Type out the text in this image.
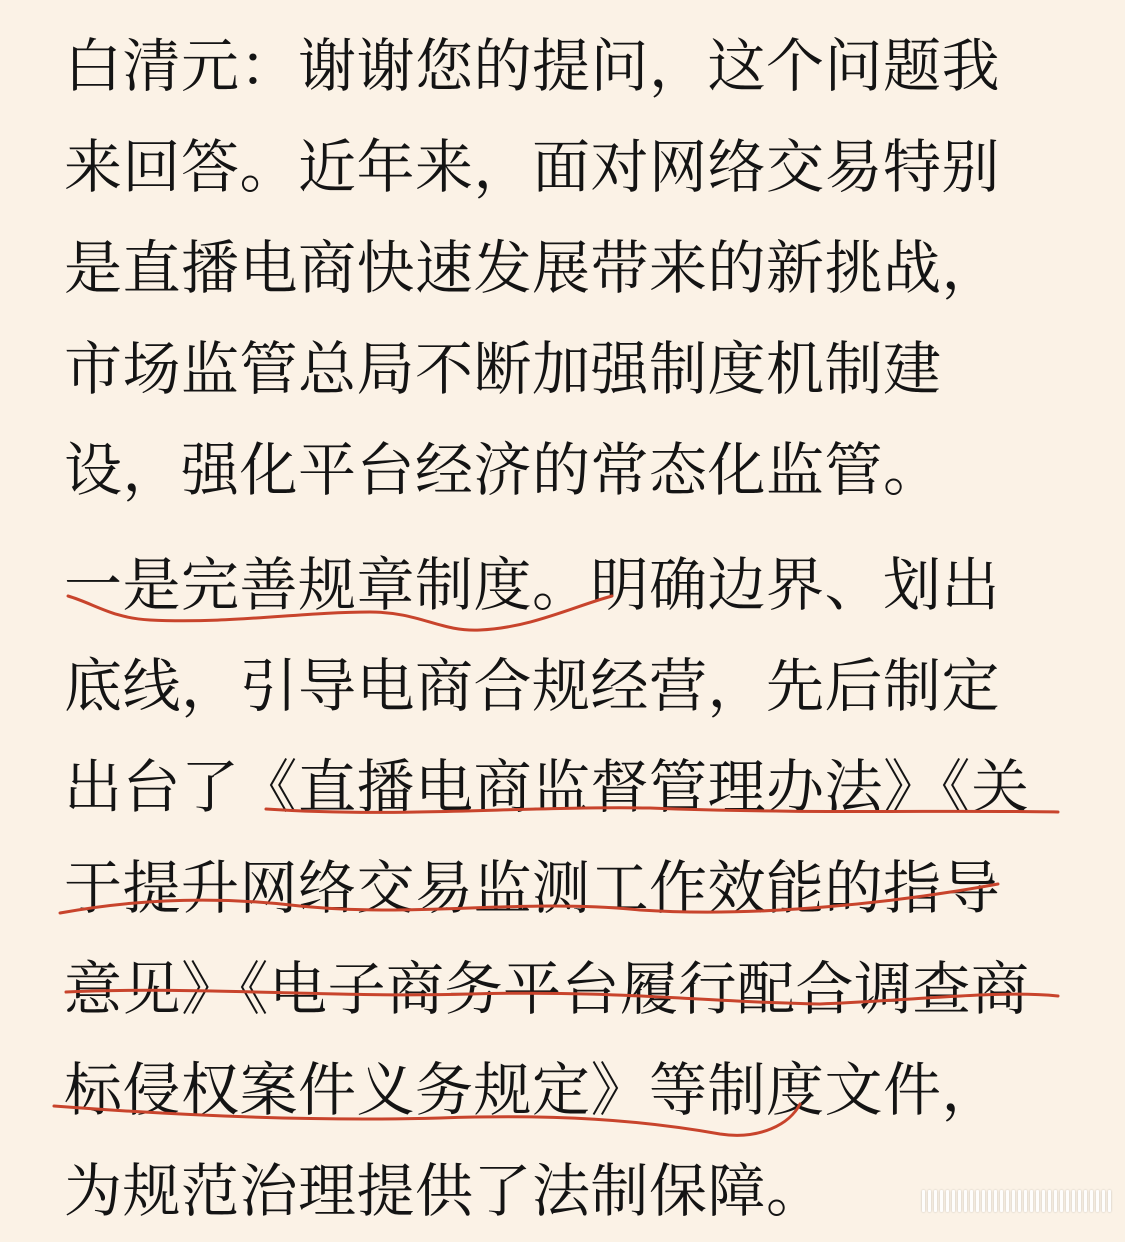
白清元：谢谢您的提问，这个问题我
来回答。近年来，面对网络交易特别
是直播电商快速发展带来的新挑战，
市场监管总局不断加强制度机制建
设，强化平台经济的常态化监管。
一是完善规章制度。明确边界、划出
底线，引导电商合规经营，先后制定
出台了《直播电商监督管理办法》《关
于提升网络交易监测工作效能的指导
意见》《电子商务平台履行配合调查商
标侵权案件义务规定》等制度文件，
为规范治理提供了法制保障。
